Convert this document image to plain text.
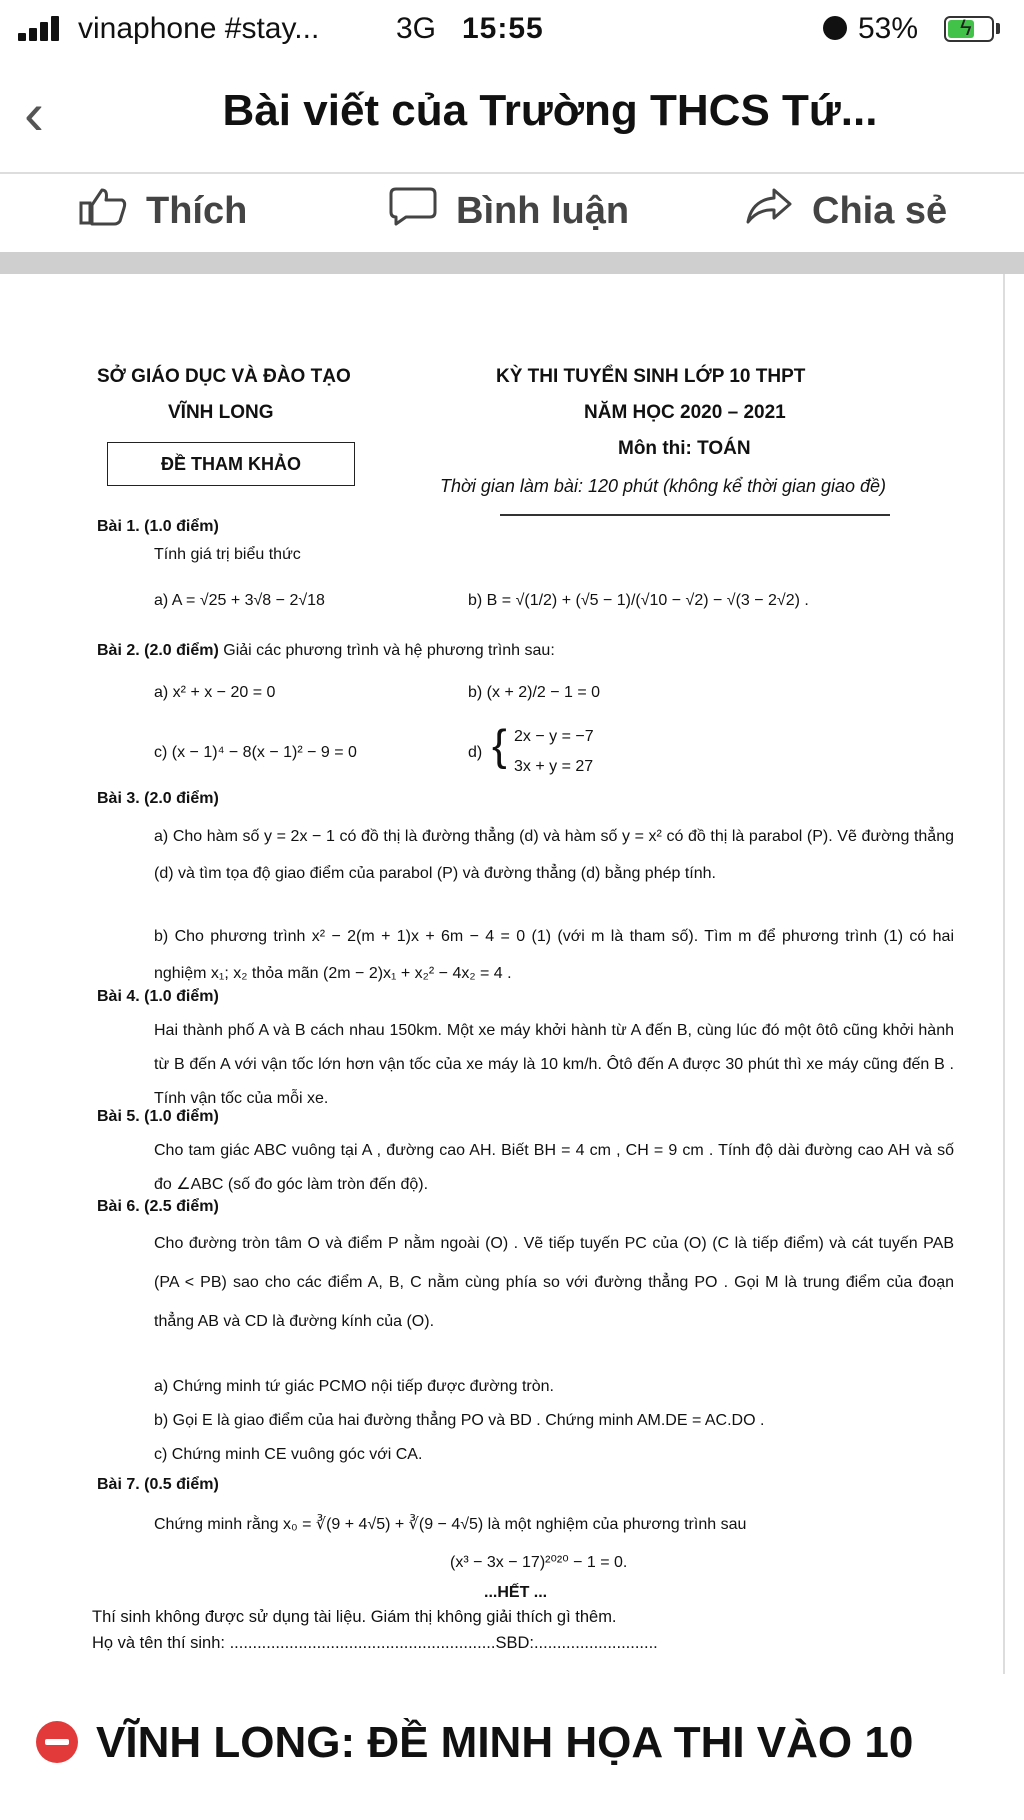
vinaphone #stay...	3G 15:55	53% ϟ
‹	Bài viết của Trường THCS Tứ...
Thích	Bình luận	Chia sẻ
SỞ GIÁO DỤC VÀ ĐÀO TẠO
VĨNH LONG
ĐỀ THAM KHẢO
KỲ THI TUYỂN SINH LỚP 10 THPT
NĂM HỌC 2020 – 2021
Môn thi: TOÁN
Thời gian làm bài: 120 phút (không kể thời gian giao đề)
Bài 1. (1.0 điểm)
Tính giá trị biểu thức
a) A = √25 + 3√8 − 2√18	b) B = √(1/2) + (√5 − 1)/(√10 − √2) − √(3 − 2√2) .
Bài 2. (2.0 điểm) Giải các phương trình và hệ phương trình sau:
a) x² + x − 20 = 0	b) (x + 2)/2 − 1 = 0
c) (x − 1)⁴ − 8(x − 1)² − 9 = 0	d) { 2x − y = −7
3x + y = 27
Bài 3. (2.0 điểm)
a) Cho hàm số y = 2x − 1 có đồ thị là đường thẳng (d) và hàm số y = x² có đồ thị là parabol (P). Vẽ đường thẳng (d) và tìm tọa độ giao điểm của parabol (P) và đường thẳng (d) bằng phép tính.
b) Cho phương trình x² − 2(m + 1)x + 6m − 4 = 0 (1) (với m là tham số). Tìm m để phương trình (1) có hai nghiệm x₁; x₂ thỏa mãn (2m − 2)x₁ + x₂² − 4x₂ = 4 .
Bài 4. (1.0 điểm)
Hai thành phố A và B cách nhau 150km. Một xe máy khởi hành từ A đến B, cùng lúc đó một ôtô cũng khởi hành từ B đến A với vận tốc lớn hơn vận tốc của xe máy là 10 km/h. Ôtô đến A được 30 phút thì xe máy cũng đến B . Tính vận tốc của mỗi xe.
Bài 5. (1.0 điểm)
Cho tam giác ABC vuông tại A , đường cao AH. Biết BH = 4 cm , CH = 9 cm . Tính độ dài đường cao AH và số đo ∠ABC (số đo góc làm tròn đến độ).
Bài 6. (2.5 điểm)
Cho đường tròn tâm O và điểm P nằm ngoài (O) . Vẽ tiếp tuyến PC của (O) (C là tiếp điểm) và cát tuyến PAB (PA < PB) sao cho các điểm A, B, C nằm cùng phía so với đường thẳng PO . Gọi M là trung điểm của đoạn thẳng AB và CD là đường kính của (O).
a) Chứng minh tứ giác PCMO nội tiếp được đường tròn.
b) Gọi E là giao điểm của hai đường thẳng PO và BD . Chứng minh AM.DE = AC.DO .
c) Chứng minh CE vuông góc với CA.
Bài 7. (0.5 điểm)
Chứng minh rằng x₀ = ∛(9 + 4√5) + ∛(9 − 4√5) là một nghiệm của phương trình sau
(x³ − 3x − 17)²⁰²⁰ − 1 = 0.
...HẾT ...
Thí sinh không được sử dụng tài liệu. Giám thị không giải thích gì thêm.
Họ và tên thí sinh: ..........................................................SBD:...........................
VĨNH LONG: ĐỀ MINH HỌA THI VÀO 10
